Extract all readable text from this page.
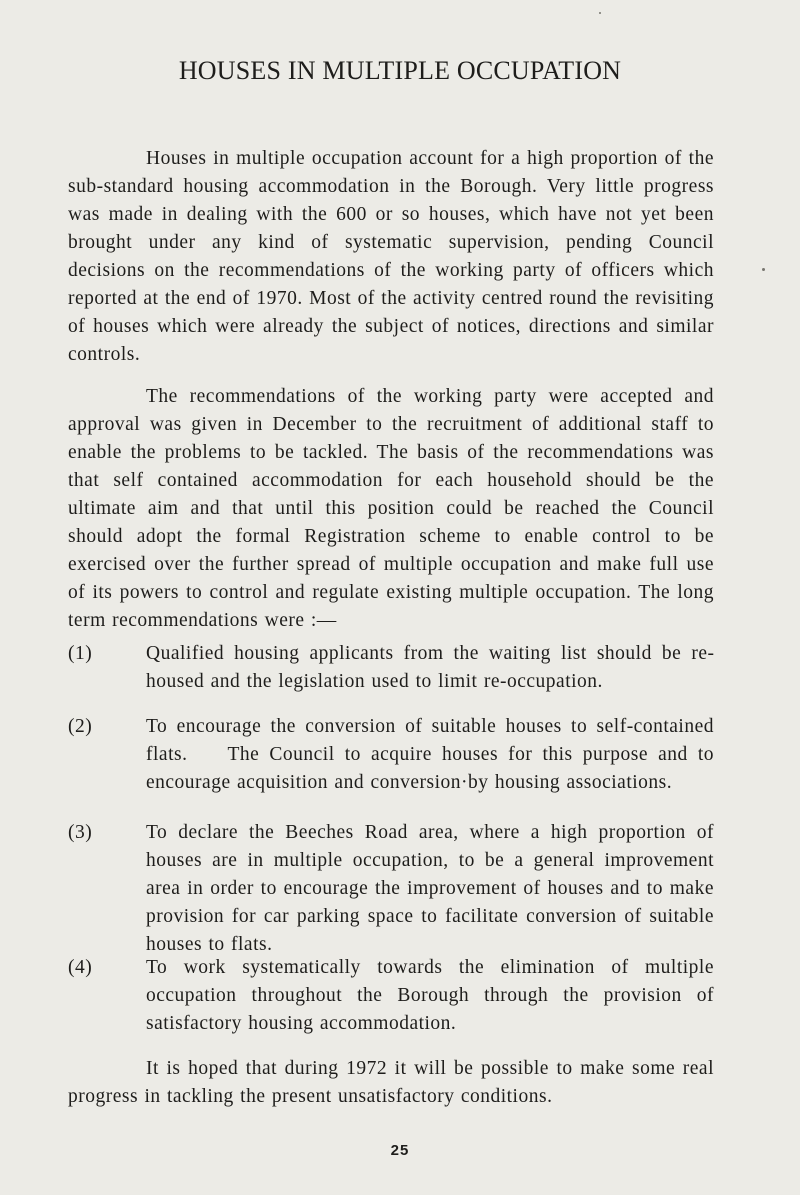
HOUSES IN MULTIPLE OCCUPATION

Houses in multiple occupation account for a high proportion of the sub-standard housing accommodation in the Borough. Very little progress was made in dealing with the 600 or so houses, which have not yet been brought under any kind of systematic supervision, pending Council decisions on the recommendations of the working party of officers which reported at the end of 1970. Most of the activity centred round the revisiting of houses which were already the subject of notices, directions and similar controls.

The recommendations of the working party were accepted and approval was given in December to the recruitment of additional staff to enable the problems to be tackled. The basis of the recommendations was that self contained accommodation for each household should be the ultimate aim and that until this position could be reached the Council should adopt the formal Registration scheme to enable control to be exercised over the further spread of multiple occupation and make full use of its powers to control and regulate existing multiple occupation. The long term recommendations were :—

(1)	Qualified housing applicants from the waiting list should be rehoused and the legislation used to limit re-occupation.

(2)	To encourage the conversion of suitable houses to self-contained flats.  The Council to acquire houses for this purpose and to encourage acquisition and conversion·by housing associations.

(3)	To declare the Beeches Road area, where a high proportion of houses are in multiple occupation, to be a general improvement area in order to encourage the improvement of houses and to make provision for car parking space to facilitate conversion of suitable houses to flats.

(4)	To work systematically towards the elimination of multiple occupation throughout the Borough through the provision of satisfactory housing accommodation.

It is hoped that during 1972 it will be possible to make some real progress in tackling the present unsatisfactory conditions.

25
